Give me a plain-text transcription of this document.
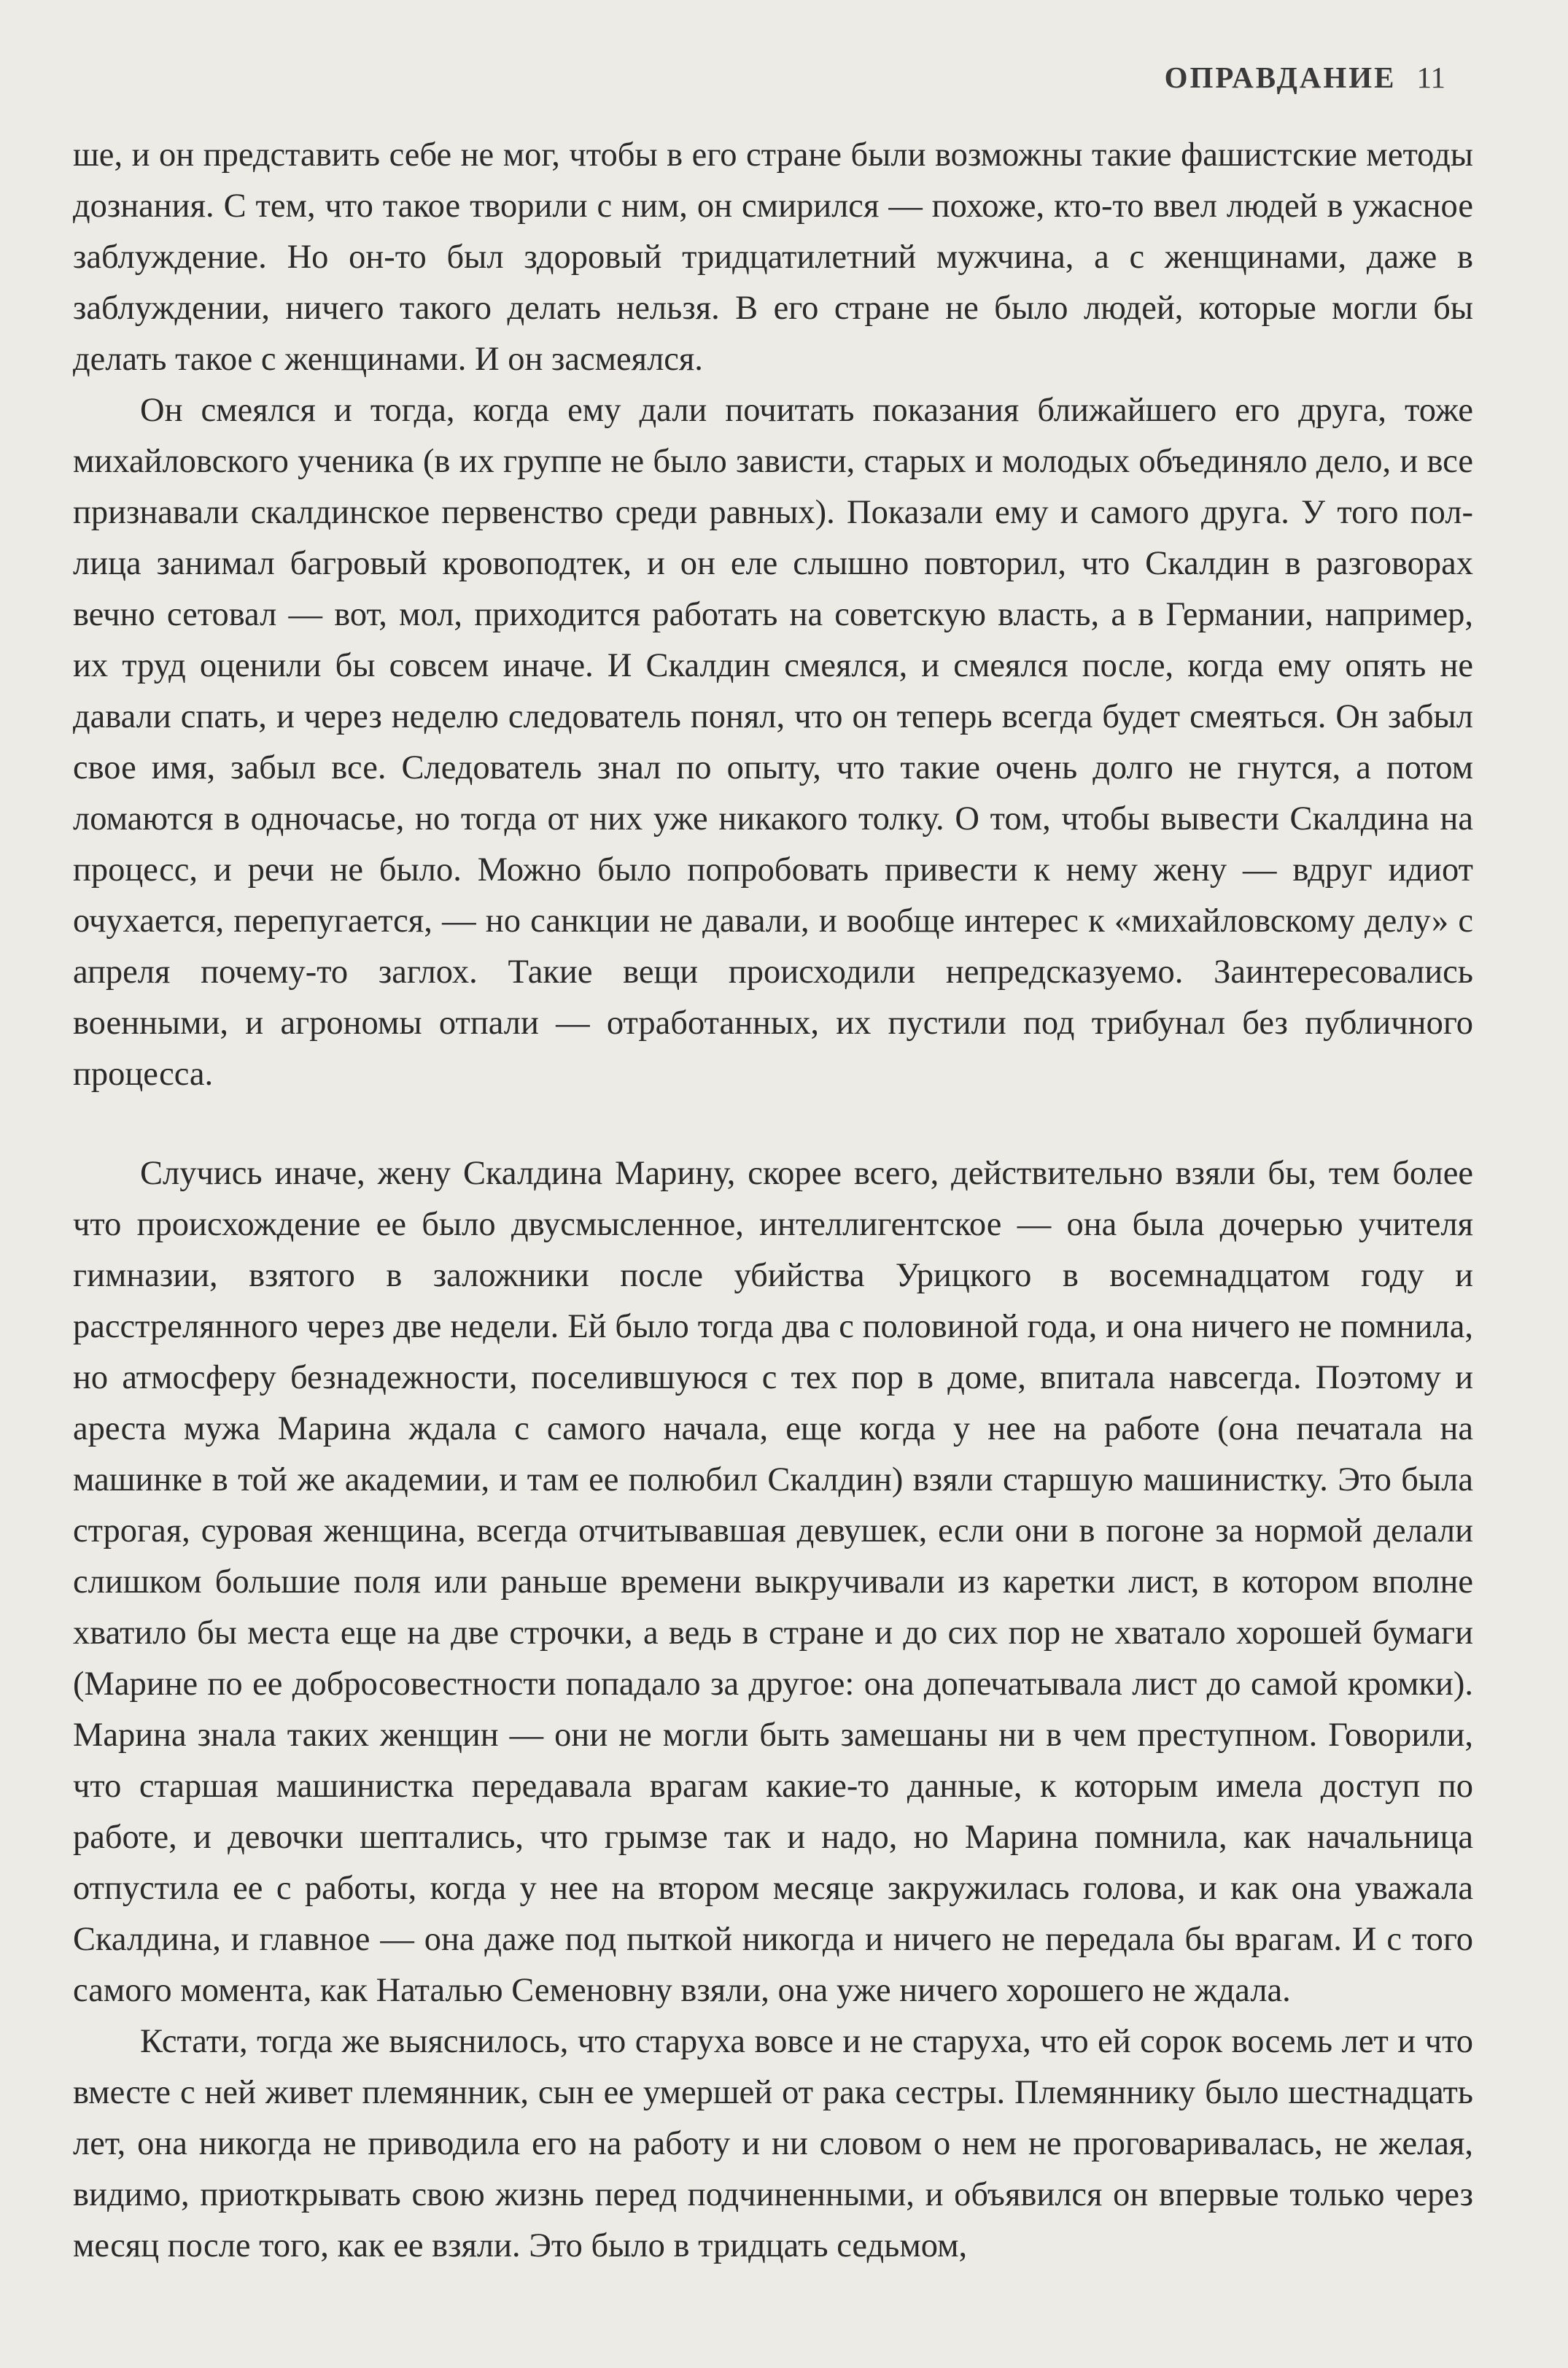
ОПРАВДАНИЕ 11

ше, и он представить себе не мог, чтобы в его стране были возможны такие фашистские методы дознания. С тем, что такое творили с ним, он смирился — похоже, кто-то ввел людей в ужасное заблуждение. Но он-то был здоровый тридцатилетний мужчина, а с женщинами, даже в заблуждении, ничего такого делать нельзя. В его стране не было людей, которые могли бы делать такое с женщинами. И он засмеялся.

Он смеялся и тогда, когда ему дали почитать показания ближайшего его друга, тоже михайловского ученика (в их группе не было зависти, старых и молодых объединяло дело, и все признавали скалдинское первенство среди равных). Показали ему и самого друга. У того пол-лица занимал багровый кровоподтек, и он еле слышно повторил, что Скалдин в разговорах вечно сетовал — вот, мол, приходится работать на советскую власть, а в Германии, например, их труд оценили бы совсем иначе. И Скалдин смеялся, и смеялся после, когда ему опять не давали спать, и через неделю следователь понял, что он теперь всегда будет смеяться. Он забыл свое имя, забыл все. Следователь знал по опыту, что такие очень долго не гнутся, а потом ломаются в одночасье, но тогда от них уже никакого толку. О том, чтобы вывести Скалдина на процесс, и речи не было. Можно было попробовать привести к нему жену — вдруг идиот очухается, перепугается, — но санкции не давали, и вообще интерес к «михайловскому делу» с апреля почему-то заглох. Такие вещи происходили непредсказуемо. Заинтересовались военными, и агрономы отпали — отработанных, их пустили под трибунал без публичного процесса.

Случись иначе, жену Скалдина Марину, скорее всего, действительно взяли бы, тем более что происхождение ее было двусмысленное, интеллигентское — она была дочерью учителя гимназии, взятого в заложники после убийства Урицкого в восемнадцатом году и расстрелянного через две недели. Ей было тогда два с половиной года, и она ничего не помнила, но атмосферу безнадежности, поселившуюся с тех пор в доме, впитала навсегда. Поэтому и ареста мужа Марина ждала с самого начала, еще когда у нее на работе (она печатала на машинке в той же академии, и там ее полюбил Скалдин) взяли старшую машинистку. Это была строгая, суровая женщина, всегда отчитывавшая девушек, если они в погоне за нормой делали слишком большие поля или раньше времени выкручивали из каретки лист, в котором вполне хватило бы места еще на две строчки, а ведь в стране и до сих пор не хватало хорошей бумаги (Марине по ее добросовестности попадало за другое: она допечатывала лист до самой кромки). Марина знала таких женщин — они не могли быть замешаны ни в чем преступном. Говорили, что старшая машинистка передавала врагам какие-то данные, к которым имела доступ по работе, и девочки шептались, что грымзе так и надо, но Марина помнила, как начальница отпустила ее с работы, когда у нее на втором месяце закружилась голова, и как она уважала Скалдина, и главное — она даже под пыткой никогда и ничего не передала бы врагам. И с того самого момента, как Наталью Семеновну взяли, она уже ничего хорошего не ждала.

Кстати, тогда же выяснилось, что старуха вовсе и не старуха, что ей сорок восемь лет и что вместе с ней живет племянник, сын ее умершей от рака сестры. Племяннику было шестнадцать лет, она никогда не приводила его на работу и ни словом о нем не проговаривалась, не желая, видимо, приоткрывать свою жизнь перед подчиненными, и объявился он впервые только через месяц после того, как ее взяли. Это было в тридцать седьмом,
